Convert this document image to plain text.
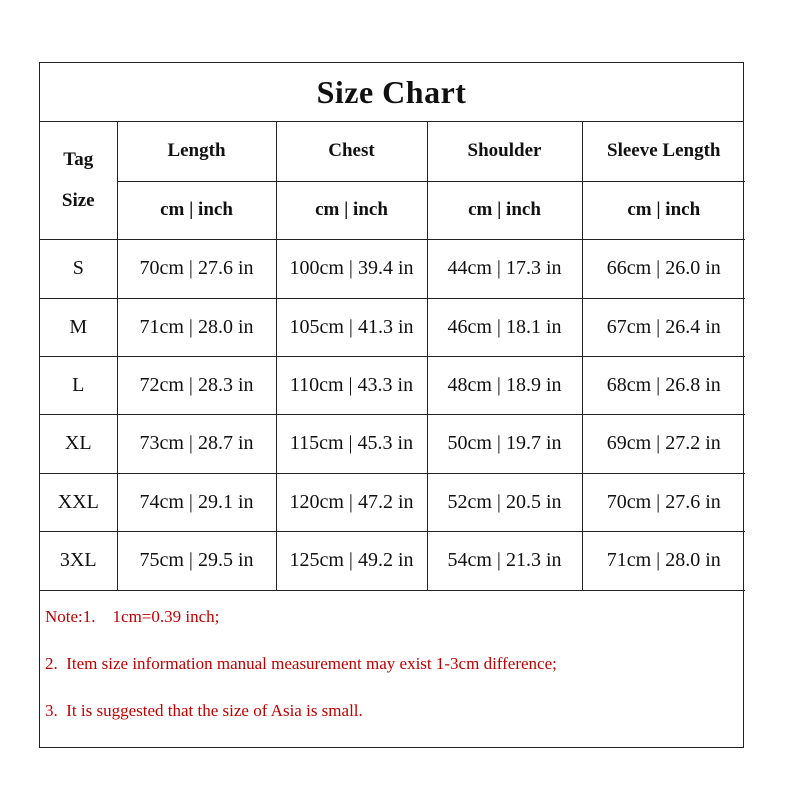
Size Chart
Tag
Size	Length	Chest	Shoulder	Sleeve Length
	cm | inch	cm | inch	cm | inch	cm | inch
S	70cm | 27.6 in	100cm | 39.4 in	44cm | 17.3 in	66cm | 26.0 in
M	71cm | 28.0 in	105cm | 41.3 in	46cm | 18.1 in	67cm | 26.4 in
L	72cm | 28.3 in	110cm | 43.3 in	48cm | 18.9 in	68cm | 26.8 in
XL	73cm | 28.7 in	115cm | 45.3 in	50cm | 19.7 in	69cm | 27.2 in
XXL	74cm | 29.1 in	120cm | 47.2 in	52cm | 20.5 in	70cm | 27.6 in
3XL	75cm | 29.5 in	125cm | 49.2 in	54cm | 21.3 in	71cm | 28.0 in
Note:1.    1cm=0.39 inch;
2.  Item size information manual measurement may exist 1-3cm difference;
3.  It is suggested that the size of Asia is small.
